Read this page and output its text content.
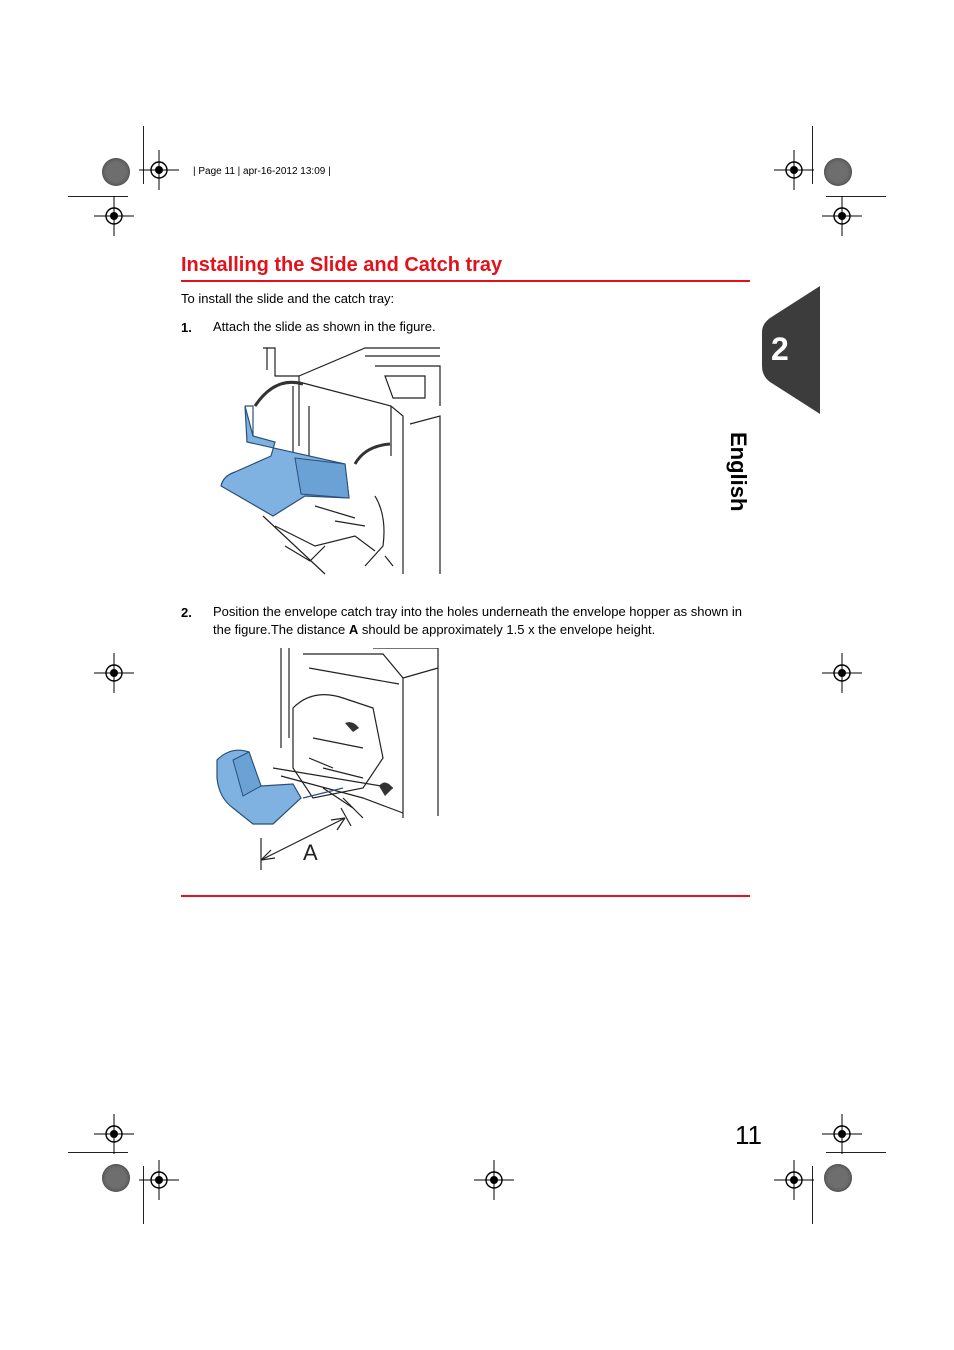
| Page 11 | apr-16-2012 13:09 |
2
English
Installing the Slide and Catch tray
To install the slide and the catch tray:
1. Attach the slide as shown in the figure.
2. Position the envelope catch tray into the holes underneath the envelope hopper as shown in the figure.The distance A should be approximately 1.5 x the envelope height.
A
11
